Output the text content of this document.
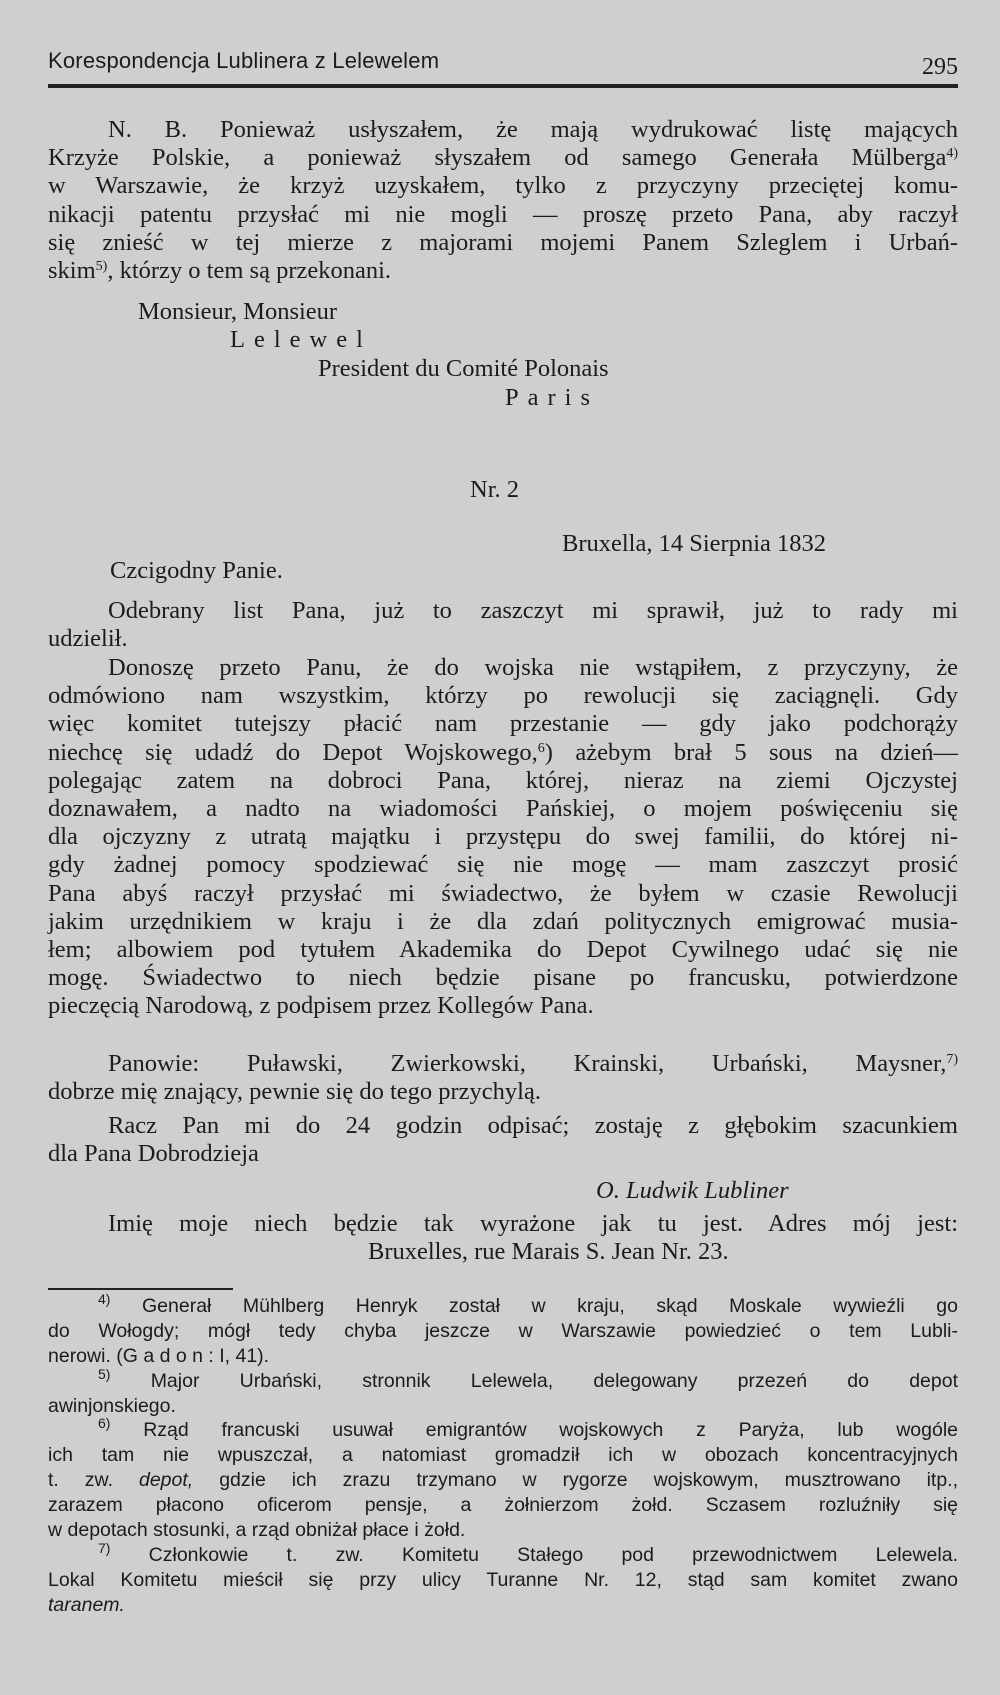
Korespondencja Lublinera z Lelewelem	295
N. B. Ponieważ usłyszałem, że mają wydrukować listę mających
Krzyże Polskie, a ponieważ słyszałem od samego Generała Mülberga$^{4)}$
w Warszawie, że krzyż uzyskałem, tylko z przyczyny przeciętej komu-
nikacji patentu przysłać mi nie mogli — proszę przeto Pana, aby raczył
się znieść w tej mierze z majorami mojemi Panem Szleglem i Urbań-
skim$^{5)}$, którzy o tem są przekonani.
Monsieur, Monsieur
Lelewel
President du Comité Polonais
Paris
Nr. 2
Bruxella, 14 Sierpnia 1832
Czcigodny Panie.
Odebrany list Pana, już to zaszczyt mi sprawił, już to rady mi
udzielił.
Donoszę przeto Panu, że do wojska nie wstąpiłem, z przyczyny, że
odmówiono nam wszystkim, którzy po rewolucji się zaciągnęli. Gdy
więc komitet tutejszy płacić nam przestanie — gdy jako podchorąży
niechcę się udadź do Depot Wojskowego,$^6$) ażebym brał 5 sous na dzień—
polegając zatem na dobroci Pana, której, nieraz na ziemi Ojczystej
doznawałem, a nadto na wiadomości Pańskiej, o mojem poświęceniu się
dla ojczyzny z utratą majątku i przystępu do swej familii, do której ni-
gdy żadnej pomocy spodziewać się nie mogę — mam zaszczyt prosić
Pana abyś raczył przysłać mi świadectwo, że byłem w czasie Rewolucji
jakim urzędnikiem w kraju i że dla zdań politycznych emigrować musia-
łem; albowiem pod tytułem Akademika do Depot Cywilnego udać się nie
mogę. Świadectwo to niech będzie pisane po francusku, potwierdzone
pieczęcią Narodową, z podpisem przez Kollegów Pana.
Panowie: Puławski, Zwierkowski, Krainski, Urbański, Maysner,$^{7)}$
dobrze mię znający, pewnie się do tego przychylą.
Racz Pan mi do 24 godzin odpisać; zostaję z głębokim szacunkiem
dla Pana Dobrodzieja
O. Ludwik Lubliner
Imię moje niech będzie tak wyrażone jak tu jest. Adres mój jest:
Bruxelles, rue Marais S. Jean Nr. 23.
$^{4)}$ Generał Mühlberg Henryk został w kraju, skąd Moskale wywieźli go
do Wołogdy; mógł tedy chyba jeszcze w Warszawie powiedzieć o tem Lubli-
nerowi. (G a d o n : I, 41).
$^{5)}$ Major Urbański, stronnik Lelewela, delegowany przezeń do depot
awinjonskiego.
$^{6)}$ Rząd francuski usuwał emigrantów wojskowych z Paryża, lub wogóle
ich tam nie wpuszczał, a natomiast gromadził ich w obozach koncentracyjnych
t. zw. depot, gdzie ich zrazu trzymano w rygorze wojskowym, musztrowano itp.,
zarazem płacono oficerom pensje, a żołnierzom żołd. Sczasem rozluźniły się
w depotach stosunki, a rząd obniżał płace i żołd.
$^{7)}$ Członkowie t. zw. Komitetu Stałego pod przewodnictwem Lelewela.
Lokal Komitetu mieścił się przy ulicy Turanne Nr. 12, stąd sam komitet zwano
taranem.
